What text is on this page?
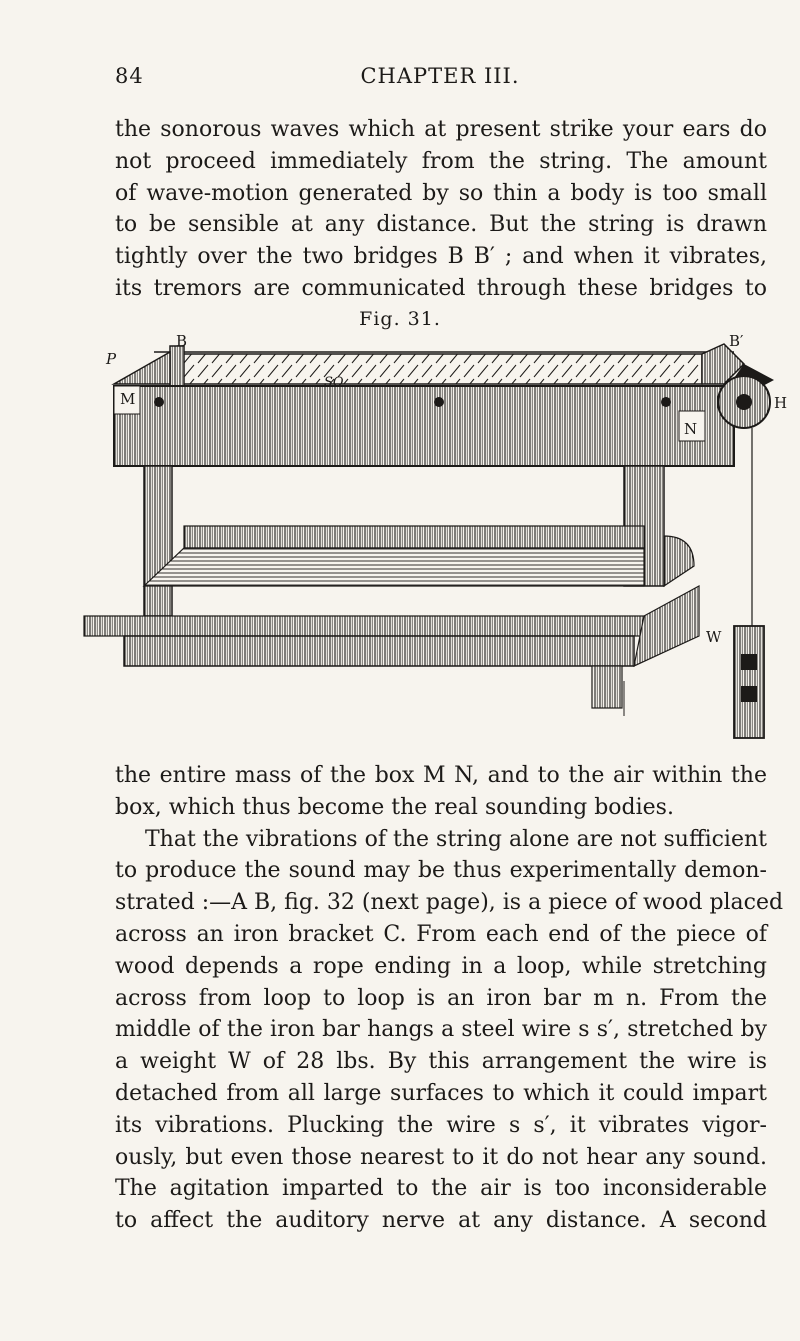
84	CHAPTER III.
the sonorous waves which at present strike your ears do
not proceed immediately from the string. The amount
of wave-motion generated by so thin a body is too small
to be sensible at any distance. But the string is drawn
tightly over the two bridges B B′ ; and when it vibrates,
its tremors are communicated through these bridges to
Fig. 31.
B	B′
P
M
N
H
W
SO
the entire mass of the box M N, and to the air within the
box, which thus become the real sounding bodies.
That the vibrations of the string alone are not sufficient
to produce the sound may be thus experimentally demon-
strated :—A B, fig. 32 (next page), is a piece of wood placed
across an iron bracket C. From each end of the piece of
wood depends a rope ending in a loop, while stretching
across from loop to loop is an iron bar m n. From the
middle of the iron bar hangs a steel wire s s′, stretched by
a weight W of 28 lbs. By this arrangement the wire is
detached from all large surfaces to which it could impart
its vibrations. Plucking the wire s s′, it vibrates vigor-
ously, but even those nearest to it do not hear any sound.
The agitation imparted to the air is too inconsiderable
to affect the auditory nerve at any distance. A second
